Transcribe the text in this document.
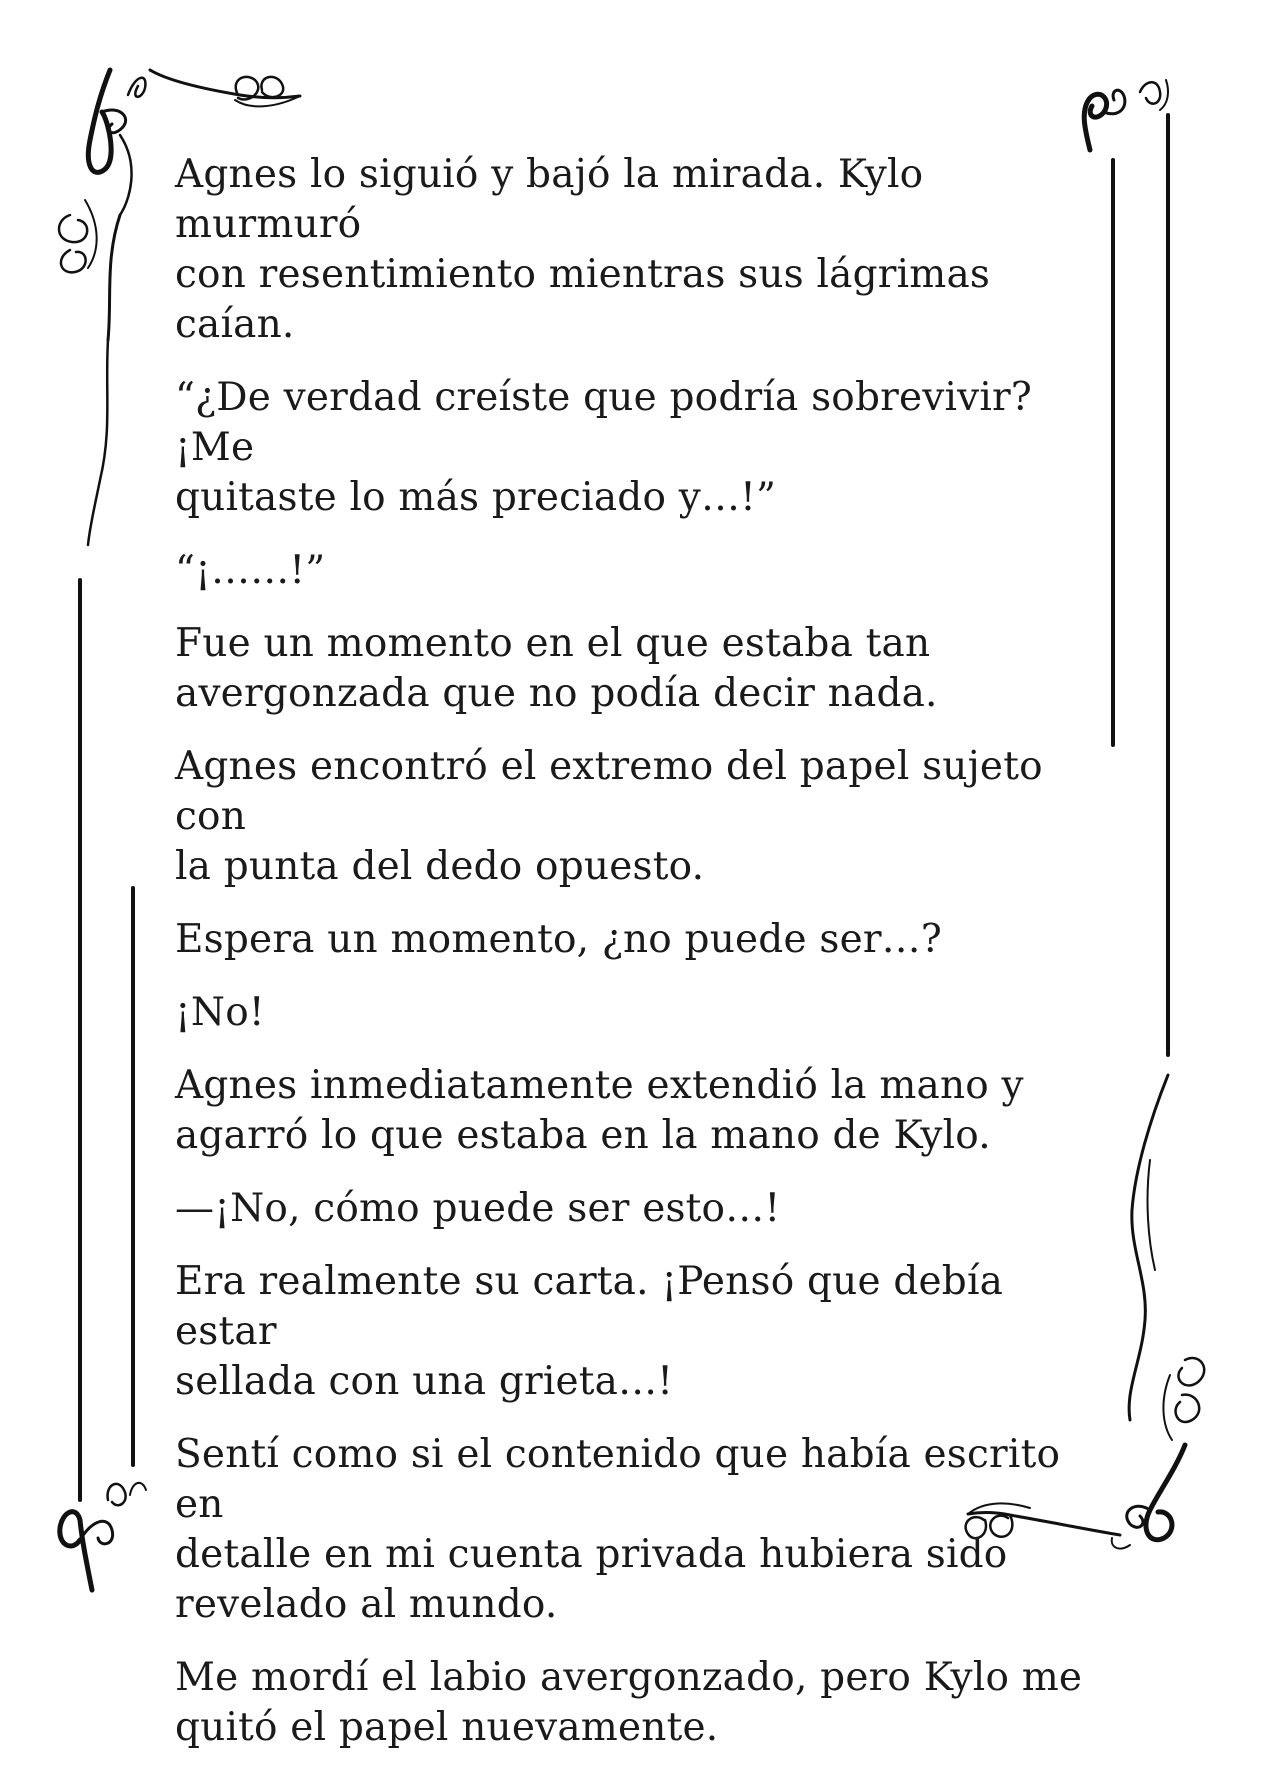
Agnes lo siguió y bajó la mirada. Kylo murmuró
con resentimiento mientras sus lágrimas caían.

“¿De verdad creíste que podría sobrevivir? ¡Me
quitaste lo más preciado y…!”

“¡……!”

Fue un momento en el que estaba tan
avergonzada que no podía decir nada.

Agnes encontró el extremo del papel sujeto con
la punta del dedo opuesto.

Espera un momento, ¿no puede ser…?

¡No!

Agnes inmediatamente extendió la mano y
agarró lo que estaba en la mano de Kylo.

—¡No, cómo puede ser esto…!

Era realmente su carta. ¡Pensó que debía estar
sellada con una grieta…!

Sentí como si el contenido que había escrito en
detalle en mi cuenta privada hubiera sido
revelado al mundo.

Me mordí el labio avergonzado, pero Kylo me
quitó el papel nuevamente.
